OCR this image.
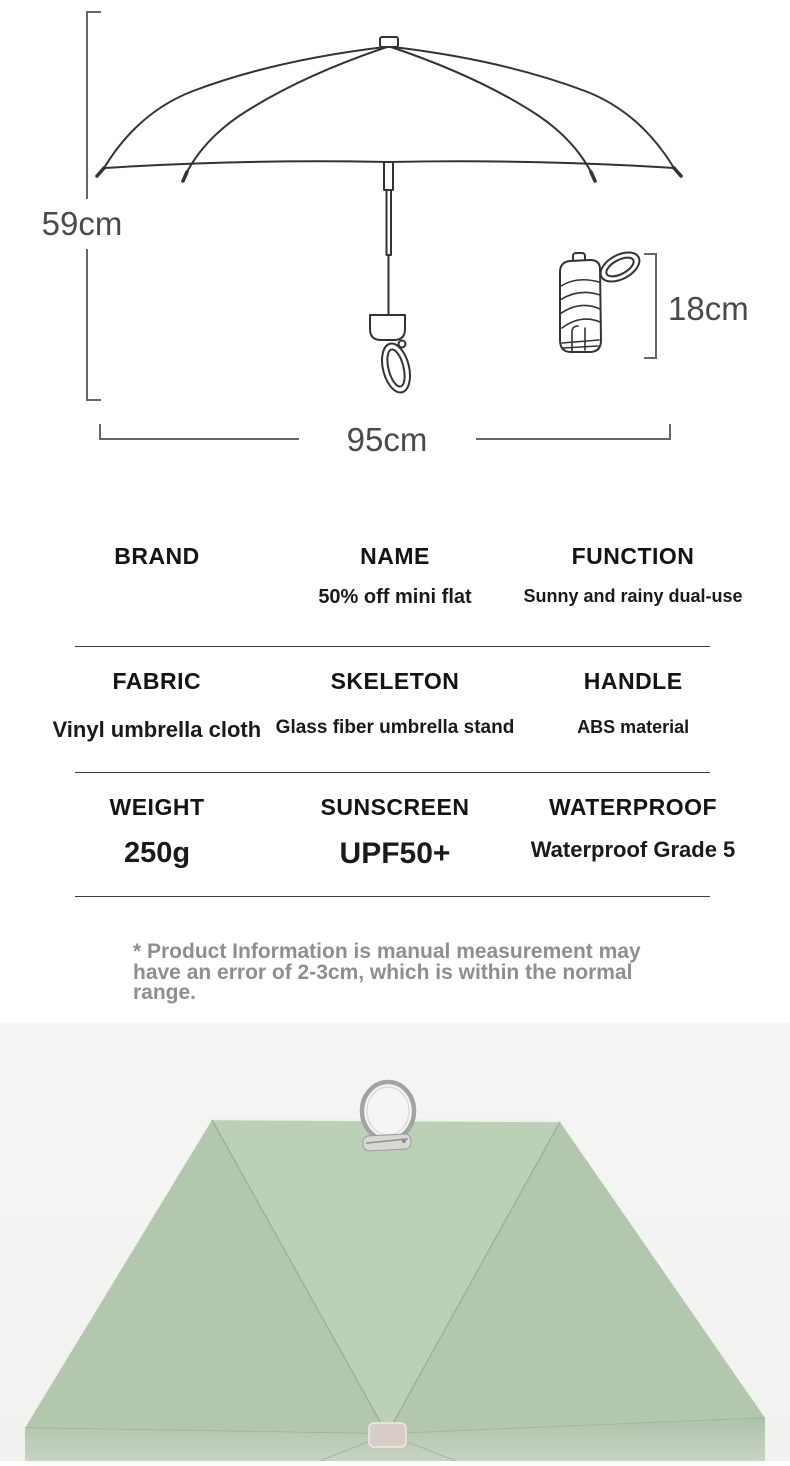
59cm
95cm
18cm
BRAND	NAME
50% off mini flat
FUNCTION
Sunny and rainy dual-use
FABRIC
Vinyl umbrella cloth
SKELETON
Glass fiber umbrella stand
HANDLE
ABS material
WEIGHT
250g
SUNSCREEN
UPF50+
WATERPROOF
Waterproof Grade 5
* Product Information is manual measurement may
have an error of 2-3cm, which is within the normal
range.
